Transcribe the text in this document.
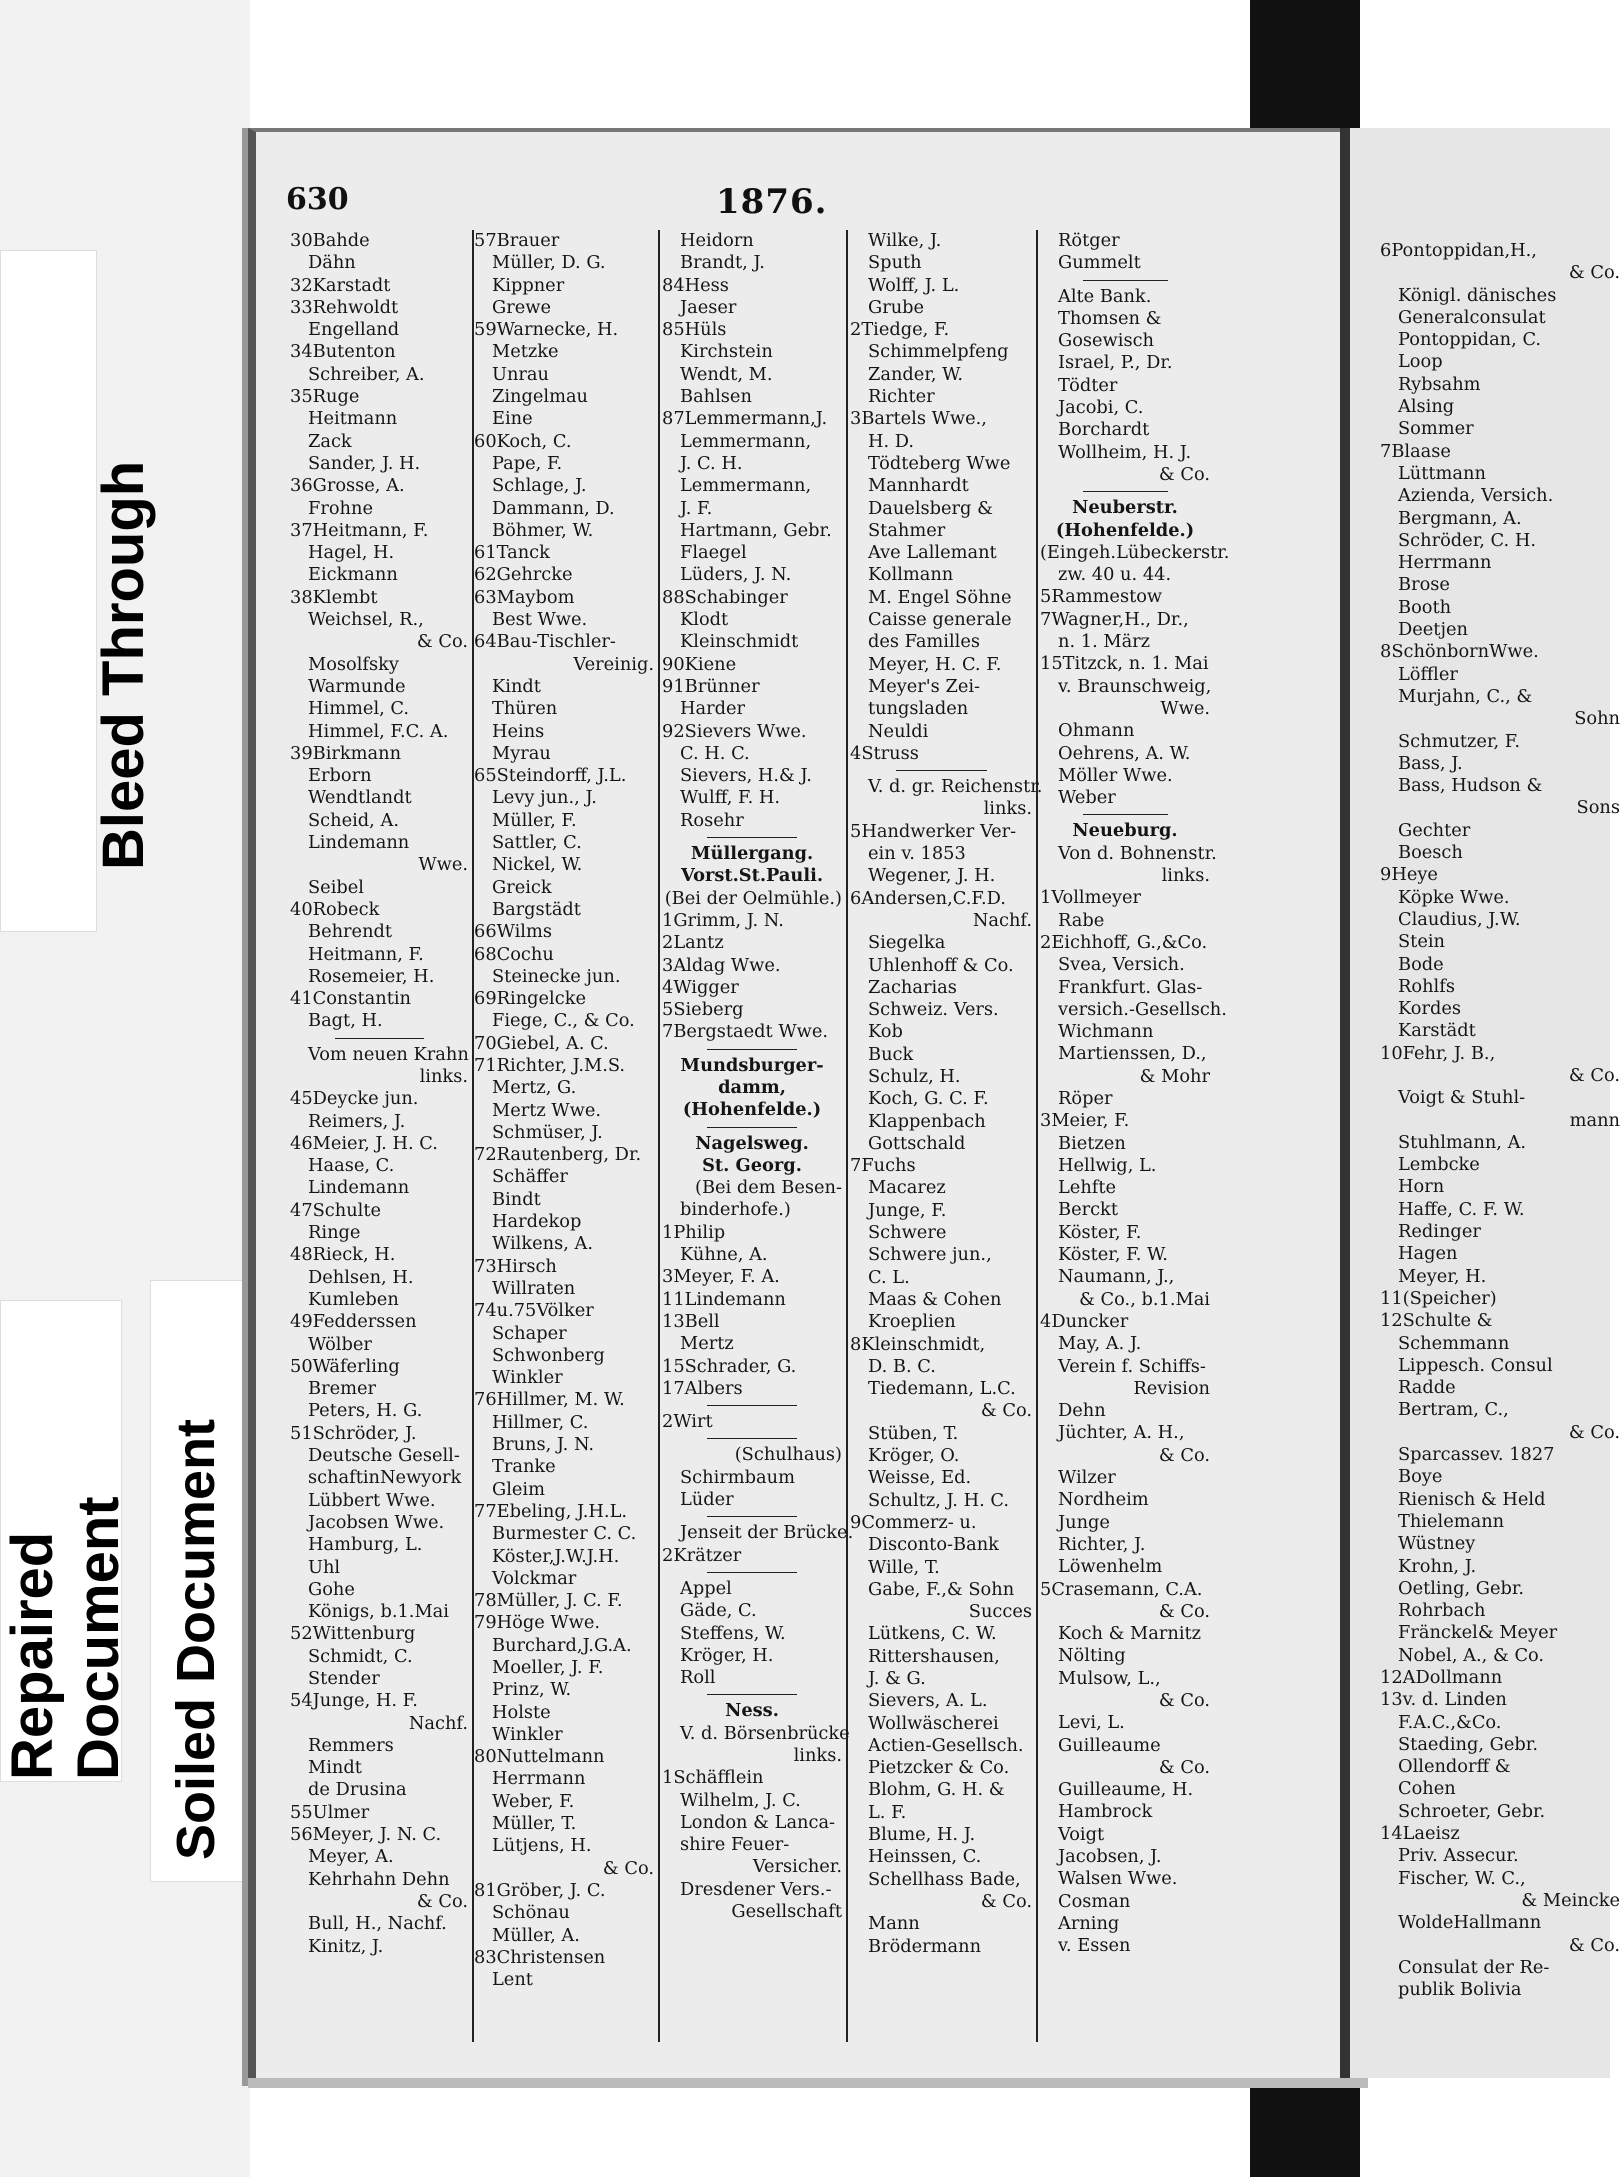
Bleed Through
Repaired Document Soiled Document
630	1876.
30Bahde
Dähn
32Karstadt
33Rehwoldt
Engelland
34Butenton
Schreiber, A.
35Ruge
Heitmann
Zack
Sander, J. H.
36Grosse, A.
Frohne
37Heitmann, F.
Hagel, H.
Eickmann
38Klembt
Weichsel, R.,
& Co.
Mosolfsky
Warmunde
Himmel, C.
Himmel, F.C. A.
39Birkmann
Erborn
Wendtlandt
Scheid, A.
Lindemann
Wwe.
Seibel
40Robeck
Behrendt
Heitmann, F.
Rosemeier, H.
41Constantin
Bagt, H.
Vom neuen Krahn
links.
45Deycke jun.
Reimers, J.
46Meier, J. H. C.
Haase, C.
Lindemann
47Schulte
Ringe
48Rieck, H.
Dehlsen, H.
Kumleben
49Fedderssen
Wölber
50Wäferling
Bremer
Peters, H. G.
51Schröder, J.
Deutsche Gesell-
schaftinNewyork
Lübbert Wwe.
Jacobsen Wwe.
Hamburg, L.
Uhl
Gohe
Königs, b.1.Mai
52Wittenburg
Schmidt, C.
Stender
54Junge, H. F.
Nachf.
Remmers
Mindt
de Drusina
55Ulmer
56Meyer, J. N. C.
Meyer, A.
Kehrhahn Dehn
& Co.
Bull, H., Nachf.
Kinitz, J.
57Brauer
Müller, D. G.
Kippner
Grewe
59Warnecke, H.
Metzke
Unrau
Zingelmau
Eine
60Koch, C.
Pape, F.
Schlage, J.
Dammann, D.
Böhmer, W.
61Tanck
62Gehrcke
63Maybom
Best Wwe.
64Bau-Tischler-
Vereinig.
Kindt
Thüren
Heins
Myrau
65Steindorff, J.L.
Levy jun., J.
Müller, F.
Sattler, C.
Nickel, W.
Greick
Bargstädt
66Wilms
68Cochu
Steinecke jun.
69Ringelcke
Fiege, C., & Co.
70Giebel, A. C.
71Richter, J.M.S.
Mertz, G.
Mertz Wwe.
Schmüser, J.
72Rautenberg, Dr.
Schäffer
Bindt
Hardekop
Wilkens, A.
73Hirsch
Willraten
74u.75Völker
Schaper
Schwonberg
Winkler
76Hillmer, M. W.
Hillmer, C.
Bruns, J. N.
Tranke
Gleim
77Ebeling, J.H.L.
Burmester C. C.
Köster,J.W.J.H.
Volckmar
78Müller, J. C. F.
79Höge Wwe.
Burchard,J.G.A.
Moeller, J. F.
Prinz, W.
Holste
Winkler
80Nuttelmann
Herrmann
Weber, F.
Müller, T.
Lütjens, H.
& Co.
81Gröber, J. C.
Schönau
Müller, A.
83Christensen
Lent
Heidorn
Brandt, J.
84Hess
Jaeser
85Hüls
Kirchstein
Wendt, M.
Bahlsen
87Lemmermann,J.
Lemmermann,
J. C. H.
Lemmermann,
J. F.
Hartmann, Gebr.
Flaegel
Lüders, J. N.
88Schabinger
Klodt
Kleinschmidt
90Kiene
91Brünner
Harder
92Sievers Wwe.
C. H. C.
Sievers, H.& J.
Wulff, F. H.
Rosehr
Müllergang.
Vorst.St.Pauli.
(Bei der Oelmühle.)
1Grimm, J. N.
2Lantz
3Aldag Wwe.
4Wigger
5Sieberg
7Bergstaedt Wwe.
Mundsburger-
damm,
(Hohenfelde.)
Nagelsweg.
St. Georg.
(Bei dem Besen-
binderhofe.)
1Philip
Kühne, A.
3Meyer, F. A.
11Lindemann
13Bell
Mertz
15Schrader, G.
17Albers
2Wirt
(Schulhaus)
Schirmbaum
Lüder
Jenseit der Brücke.
2Krätzer
Appel
Gäde, C.
Steffens, W.
Kröger, H.
Roll
Ness.
V. d. Börsenbrücke
links.
1Schäfflein
Wilhelm, J. C.
London & Lanca-
shire Feuer-
Versicher.
Dresdener Vers.-
Gesellschaft
Wilke, J.
Sputh
Wolff, J. L.
Grube
2Tiedge, F.
Schimmelpfeng
Zander, W.
Richter
3Bartels Wwe.,
H. D.
Tödteberg Wwe
Mannhardt
Dauelsberg &
Stahmer
Ave Lallemant
Kollmann
M. Engel Söhne
Caisse generale
des Familles
Meyer, H. C. F.
Meyer's Zei-
tungsladen
Neuldi
4Struss
V. d. gr. Reichenstr.
links.
5Handwerker Ver-
ein v. 1853
Wegener, J. H.
6Andersen,C.F.D.
Nachf.
Siegelka
Uhlenhoff & Co.
Zacharias
Schweiz. Vers.
Kob
Buck
Schulz, H.
Koch, G. C. F.
Klappenbach
Gottschald
7Fuchs
Macarez
Junge, F.
Schwere
Schwere jun.,
C. L.
Maas & Cohen
Kroeplien
8Kleinschmidt,
D. B. C.
Tiedemann, L.C.
& Co.
Stüben, T.
Kröger, O.
Weisse, Ed.
Schultz, J. H. C.
9Commerz- u.
Disconto-Bank
Wille, T.
Gabe, F.,& Sohn
Succes
Lütkens, C. W.
Rittershausen,
J. & G.
Sievers, A. L.
Wollwäscherei
Actien-Gesellsch.
Pietzcker & Co.
Blohm, G. H. &
L. F.
Blume, H. J.
Heinssen, C.
Schellhass Bade,
& Co.
Mann
Brödermann
Rötger
Gummelt
Alte Bank.
Thomsen &
Gosewisch
Israel, P., Dr.
Tödter
Jacobi, C.
Borchardt
Wollheim, H. J.
& Co.
Neuberstr.
(Hohenfelde.)
(Eingeh.Lübeckerstr.
zw. 40 u. 44.
5Rammestow
7Wagner,H., Dr.,
n. 1. März
15Titzck, n. 1. Mai
v. Braunschweig,
Wwe.
Ohmann
Oehrens, A. W.
Möller Wwe.
Weber
Neueburg.
Von d. Bohnenstr.
links.
1Vollmeyer
Rabe
2Eichhoff, G.,&Co.
Svea, Versich.
Frankfurt. Glas-
versich.-Gesellsch.
Wichmann
Martienssen, D.,
& Mohr
Röper
3Meier, F.
Bietzen
Hellwig, L.
Lehfte
Berckt
Köster, F.
Köster, F. W.
Naumann, J.,
& Co., b.1.Mai
4Duncker
May, A. J.
Verein f. Schiffs-
Revision
Dehn
Jüchter, A. H.,
& Co.
Wilzer
Nordheim
Junge
Richter, J.
Löwenhelm
5Crasemann, C.A.
& Co.
Koch & Marnitz
Nölting
Mulsow, L.,
& Co.
Levi, L.
Guilleaume
& Co.
Guilleaume, H.
Hambrock
Voigt
Jacobsen, J.
Walsen Wwe.
Cosman
Arning
v. Essen
6Pontoppidan,H.,
& Co.
Königl. dänisches
Generalconsulat
Pontoppidan, C.
Loop
Rybsahm
Alsing
Sommer
7Blaase
Lüttmann
Azienda, Versich.
Bergmann, A.
Schröder, C. H.
Herrmann
Brose
Booth
Deetjen
8SchönbornWwe.
Löffler
Murjahn, C., &
Sohn
Schmutzer, F.
Bass, J.
Bass, Hudson &
Sons
Gechter
Boesch
9Heye
Köpke Wwe.
Claudius, J.W.
Stein
Bode
Rohlfs
Kordes
Karstädt
10Fehr, J. B.,
& Co.
Voigt & Stuhl-
mann
Stuhlmann, A.
Lembcke
Horn
Haffe, C. F. W.
Redinger
Hagen
Meyer, H.
11(Speicher)
12Schulte &
Schemmann
Lippesch. Consul
Radde
Bertram, C.,
& Co.
Sparcassev. 1827
Boye
Rienisch & Held
Thielemann
Wüstney
Krohn, J.
Oetling, Gebr.
Rohrbach
Fränckel& Meyer
Nobel, A., & Co.
12ADollmann
13v. d. Linden
F.A.C.,&Co.
Staeding, Gebr.
Ollendorff &
Cohen
Schroeter, Gebr.
14Laeisz
Priv. Assecur.
Fischer, W. C.,
& Meincke
WoldeHallmann
& Co.
Consulat der Re-
publik Bolivia
